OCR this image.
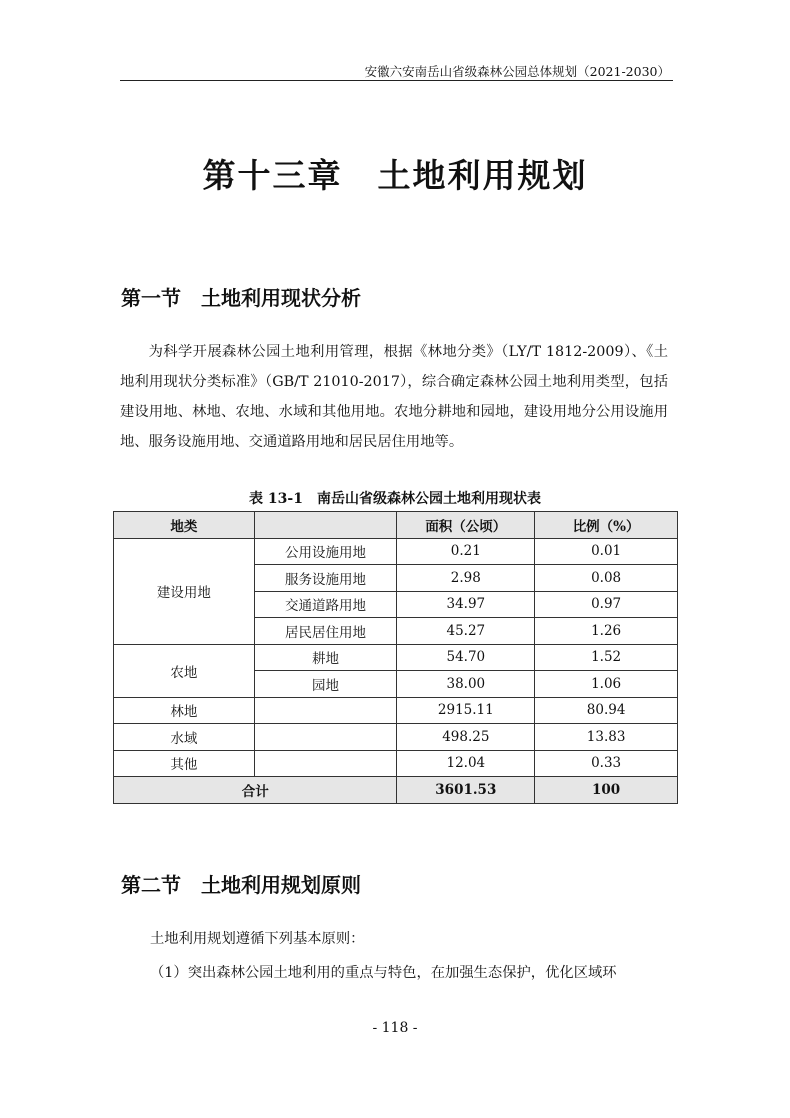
安徽六安南岳山省级森林公园总体规划（2021-2030）
第十三章　土地利用规划
第一节　土地利用现状分析
为科学开展森林公园土地利用管理，根据《林地分类》（LY/T 1812-2009）、《土地利用现状分类标准》（GB/T 21010-2017），综合确定森林公园土地利用类型，包括建设用地、林地、农地、水域和其他用地。农地分耕地和园地，建设用地分公用设施用地、服务设施用地、交通道路用地和居民居住用地等。
表 13-1　南岳山省级森林公园土地利用现状表
地类		面积（公顷）	比例（%）
建设用地	公用设施用地	0.21	0.01
	服务设施用地	2.98	0.08
	交通道路用地	34.97	0.97
	居民居住用地	45.27	1.26
农地	耕地	54.70	1.52
	园地	38.00	1.06
林地		2915.11	80.94
水域		498.25	13.83
其他		12.04	0.33
合计		3601.53	100
第二节　土地利用规划原则
土地利用规划遵循下列基本原则：
（1）突出森林公园土地利用的重点与特色，在加强生态保护，优化区域环
- 118 -
